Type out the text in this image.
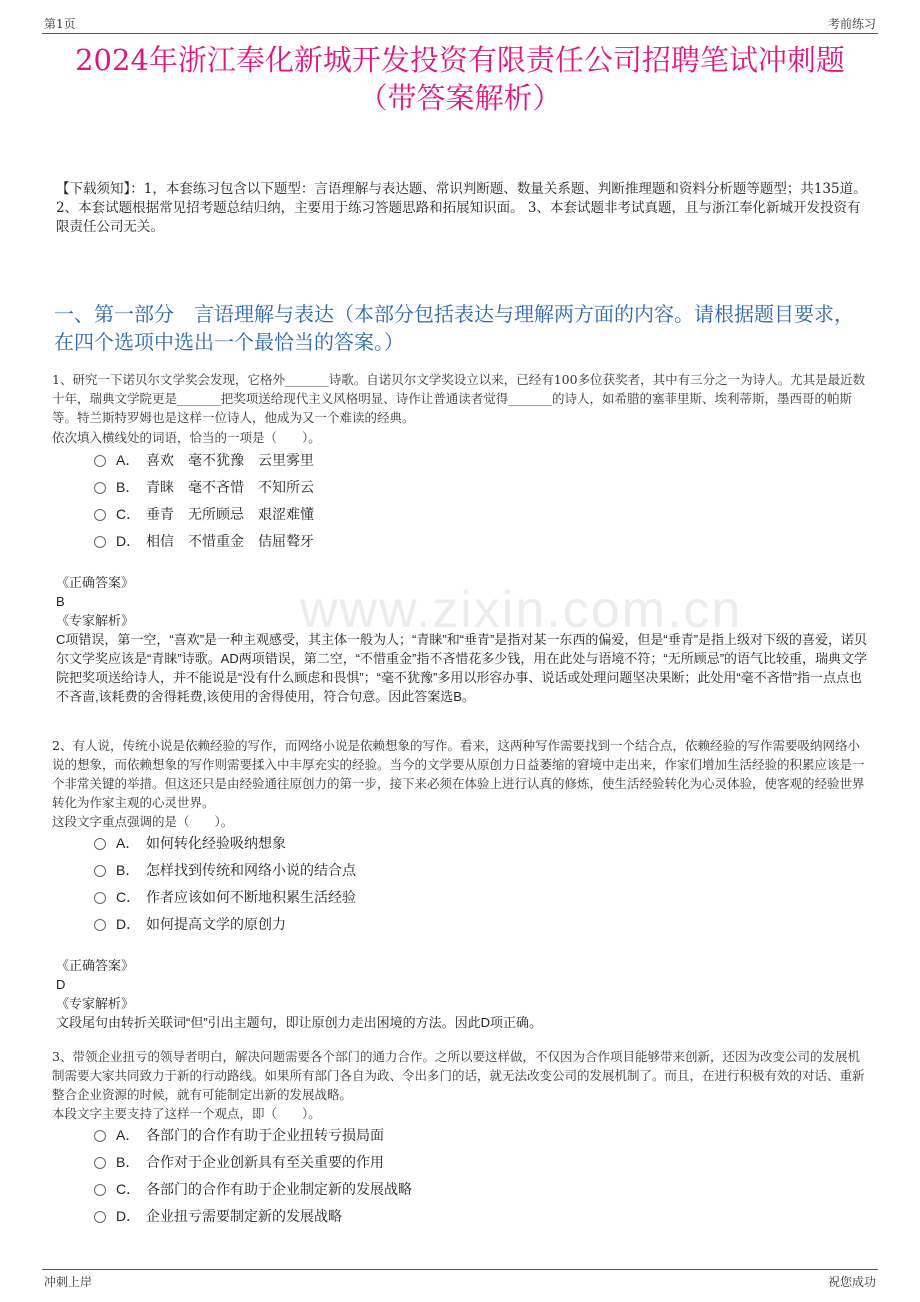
第1页	考前练习
www.zixin.com.cn
2024年浙江奉化新城开发投资有限责任公司招聘笔试冲刺题
（带答案解析）
【下载须知】：1，本套练习包含以下题型：言语理解与表达题、常识判断题、数量关系题、判断推理题和资料分析题等题型；共135道。 2、本套试题根据常见招考题总结归纳，主要用于练习答题思路和拓展知识面。 3、本套试题非考试真题，且与浙江奉化新城开发投资有限责任公司无关。
一、第一部分　言语理解与表达（本部分包括表达与理解两方面的内容。请根据题目要求，在四个选项中选出一个最恰当的答案。）
1、研究一下诺贝尔文学奖会发现，它格外_______诗歌。自诺贝尔文学奖设立以来，已经有100多位获奖者，其中有三分之一为诗人。尤其是最近数十年，瑞典文学院更是_______把奖项送给现代主义风格明显、诗作让普通读者觉得_______的诗人，如希腊的塞菲里斯、埃利蒂斯，墨西哥的帕斯等。特兰斯特罗姆也是这样一位诗人，他成为又一个难读的经典。
依次填入横线处的词语，恰当的一项是（　　）。
A． 喜欢　毫不犹豫　云里雾里
B． 青睐　毫不吝惜　不知所云
C． 垂青　无所顾忌　艰涩难懂
D． 相信　不惜重金　佶屈聱牙
《正确答案》
B
《专家解析》
C项错误，第一空，“喜欢”是一种主观感受，其主体一般为人；“青睐”和“垂青”是指对某一东西的偏爱，但是“垂青”是指上级对下级的喜爱，诺贝尔文学奖应该是“青睐”诗歌。AD两项错误，第二空，“不惜重金”指不吝惜花多少钱，用在此处与语境不符；“无所顾忌”的语气比较重，瑞典文学院把奖项送给诗人，并不能说是“没有什么顾虑和畏惧”；“毫不犹豫”多用以形容办事、说话或处理问题坚决果断；此处用“毫不吝惜”指一点点也不吝啬,该耗费的舍得耗费,该使用的舍得使用，符合句意。因此答案选B。
2、有人说，传统小说是依赖经验的写作，而网络小说是依赖想象的写作。看来，这两种写作需要找到一个结合点，依赖经验的写作需要吸纳网络小说的想象，而依赖想象的写作则需要揉入中丰厚充实的经验。当今的文学要从原创力日益萎缩的窘境中走出来，作家们增加生活经验的积累应该是一个非常关键的举措。但这还只是由经验通往原创力的第一步，接下来必须在体验上进行认真的修炼，使生活经验转化为心灵体验，使客观的经验世界转化为作家主观的心灵世界。
这段文字重点强调的是（　　）。
A． 如何转化经验吸纳想象
B． 怎样找到传统和网络小说的结合点
C． 作者应该如何不断地积累生活经验
D． 如何提高文学的原创力
《正确答案》
D
《专家解析》
文段尾句由转折关联词“但”引出主题句，即让原创力走出困境的方法。因此D项正确。
3、带领企业扭亏的领导者明白，解决问题需要各个部门的通力合作。之所以要这样做，不仅因为合作项目能够带来创新，还因为改变公司的发展机制需要大家共同致力于新的行动路线。如果所有部门各自为政、令出多门的话，就无法改变公司的发展机制了。而且，在进行积极有效的对话、重新整合企业资源的时候，就有可能制定出新的发展战略。
本段文字主要支持了这样一个观点，即（　　）。
A． 各部门的合作有助于企业扭转亏损局面
B． 合作对于企业创新具有至关重要的作用
C． 各部门的合作有助于企业制定新的发展战略
D． 企业扭亏需要制定新的发展战略
冲刺上岸	祝您成功
